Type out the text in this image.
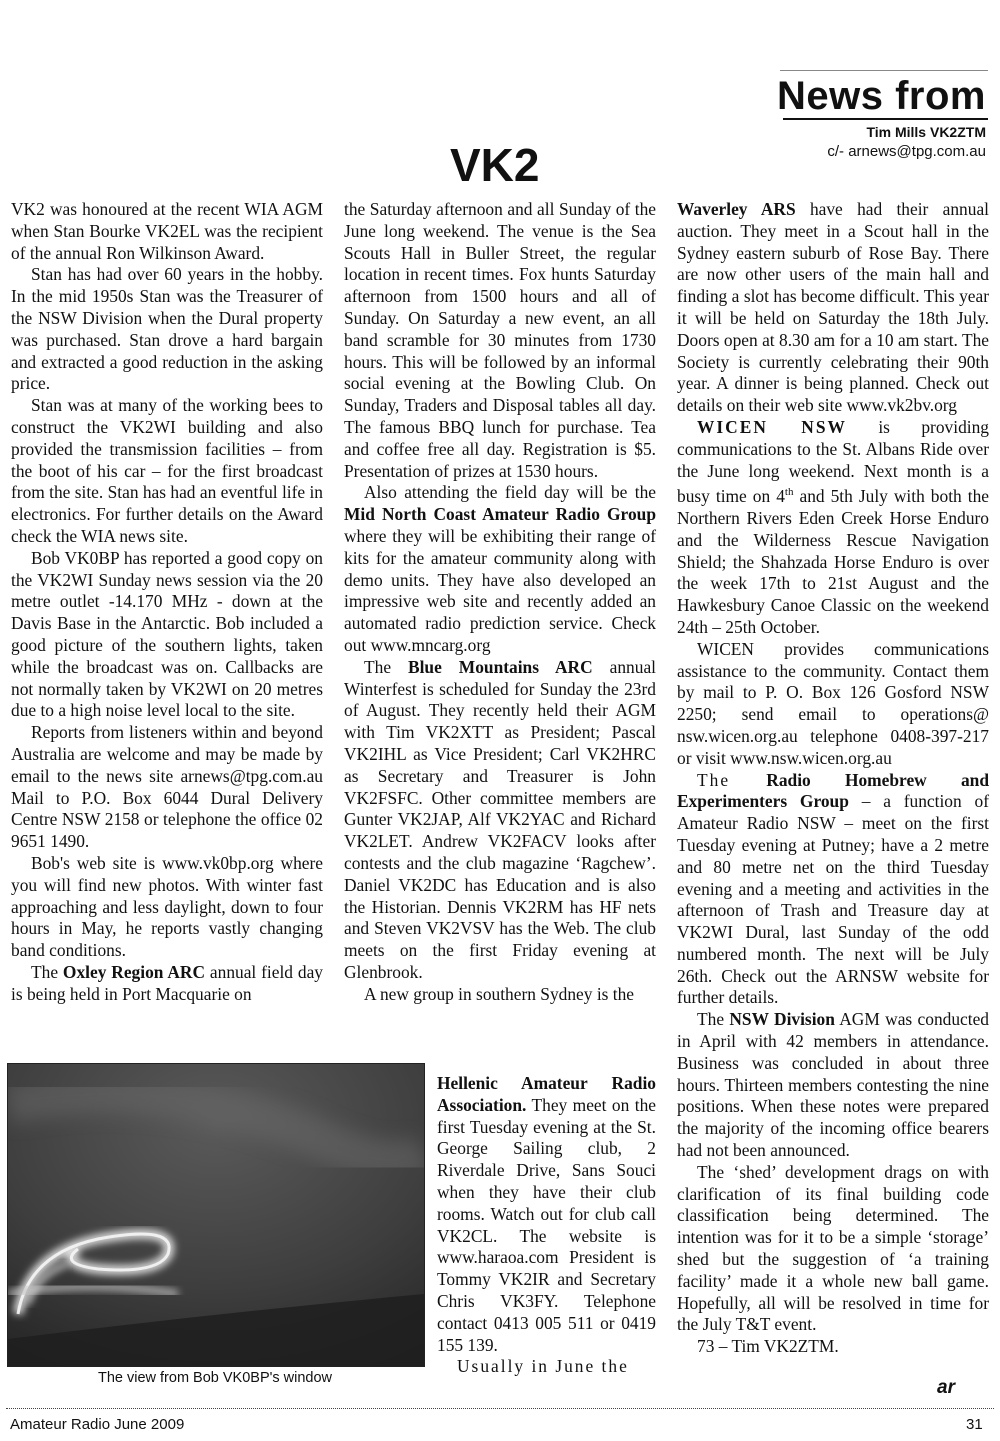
News from
Tim Mills VK2ZTM
c/- arnews@tpg.com.au
VK2

VK2 was honoured at the recent WIA AGM when Stan Bourke VK2EL was the recipient of the annual Ron Wilkinson Award.

Stan has had over 60 years in the hobby. In the mid 1950s Stan was the Treasurer of the NSW Division when the Dural property was purchased. Stan drove a hard bargain and extracted a good reduction in the asking price.

Stan was at many of the working bees to construct the VK2WI building and also provided the transmission facilities – from the boot of his car – for the first broadcast from the site. Stan has had an eventful life in electronics. For further details on the Award check the WIA news site.

Bob VK0BP has reported a good copy on the VK2WI Sunday news session via the 20 metre outlet -14.170 MHz - down at the Davis Base in the Antarctic. Bob included a good picture of the southern lights, taken while the broadcast was on. Callbacks are not normally taken by VK2WI on 20 metres due to a high noise level local to the site.

Reports from listeners within and beyond Australia are welcome and may be made by email to the news site arnews@tpg.com.au Mail to P.O. Box 6044 Dural Delivery Centre NSW 2158 or telephone the office 02 9651 1490.

Bob's web site is www.vk0bp.org where you will find new photos. With winter fast approaching and less daylight, down to four hours in May, he reports vastly changing band conditions.

The Oxley Region ARC annual field day is being held in Port Macquarie on

the Saturday afternoon and all Sunday of the June long weekend. The venue is the Sea Scouts Hall in Buller Street, the regular location in recent times. Fox hunts Saturday afternoon from 1500 hours and all of Sunday. On Saturday a new event, an all band scramble for 30 minutes from 1730 hours. This will be followed by an informal social evening at the Bowling Club. On Sunday, Traders and Disposal tables all day. The famous BBQ lunch for purchase. Tea and coffee free all day. Registration is $5. Presentation of prizes at 1530 hours.

Also attending the field day will be the Mid North Coast Amateur Radio Group where they will be exhibiting their range of kits for the amateur community along with demo units. They have also developed an impressive web site and recently added an automated radio prediction service. Check out www.mncarg.org

The Blue Mountains ARC annual Winterfest is scheduled for Sunday the 23rd of August. They recently held their AGM with Tim VK2XTT as President; Pascal VK2IHL as Vice President; Carl VK2HRC as Secretary and Treasurer is John VK2FSFC. Other committee members are Gunter VK2JAP, Alf VK2YAC and Richard VK2LET. Andrew VK2FACV looks after contests and the club magazine ‘Ragchew’. Daniel VK2DC has Education and is also the Historian. Dennis VK2RM has HF nets and Steven VK2VSV has the Web. The club meets on the first Friday evening at Glenbrook.

A new group in southern Sydney is the

Hellenic Amateur Radio Association. They meet on the first Tuesday evening at the St. George Sailing club, 2 Riverdale Drive, Sans Souci when they have their club rooms. Watch out for club call VK2CL. The website is www.haraoa.com President is Tommy VK2IR and Secretary Chris VK3FY. Telephone contact 0413 005 511 or 0419 155 139.

Usually in June the

The view from Bob VK0BP's window

Waverley ARS have had their annual auction. They meet in a Scout hall in the Sydney eastern suburb of Rose Bay. There are now other users of the main hall and finding a slot has become difficult. This year it will be held on Saturday the 18th July. Doors open at 8.30 am for a 10 am start. The Society is currently celebrating their 90th year. A dinner is being planned. Check out details on their web site www.vk2bv.org

WICEN NSW is providing communications to the St. Albans Ride over the June long weekend. Next month is a busy time on 4th and 5th July with both the Northern Rivers Eden Creek Horse Enduro and the Wilderness Rescue Navigation Shield; the Shahzada Horse Enduro is over the week 17th to 21st August and the Hawkesbury Canoe Classic on the weekend 24th – 25th October.

WICEN provides communications assistance to the community. Contact them by mail to P. O. Box 126 Gosford NSW 2250; send email to operations@ nsw.wicen.org.au telephone 0408-397-217 or visit www.nsw.wicen.org.au

The Radio Homebrew and Experimenters Group – a function of Amateur Radio NSW – meet on the first Tuesday evening at Putney; have a 2 metre and 80 metre net on the third Tuesday evening and a meeting and activities in the afternoon of Trash and Treasure day at VK2WI Dural, last Sunday of the odd numbered month. The next will be July 26th. Check out the ARNSW website for further details.

The NSW Division AGM was conducted in April with 42 members in attendance. Business was concluded in about three hours. Thirteen members contesting the nine positions. When these notes were prepared the majority of the incoming office bearers had not been announced.

The ‘shed’ development drags on with clarification of its final building code classification being determined. The intention was for it to be a simple ‘storage’ shed but the suggestion of ‘a training facility’ made it a whole new ball game. Hopefully, all will be resolved in time for the July T&T event.

73 – Tim VK2ZTM.

ar
Amateur Radio June 2009	31
